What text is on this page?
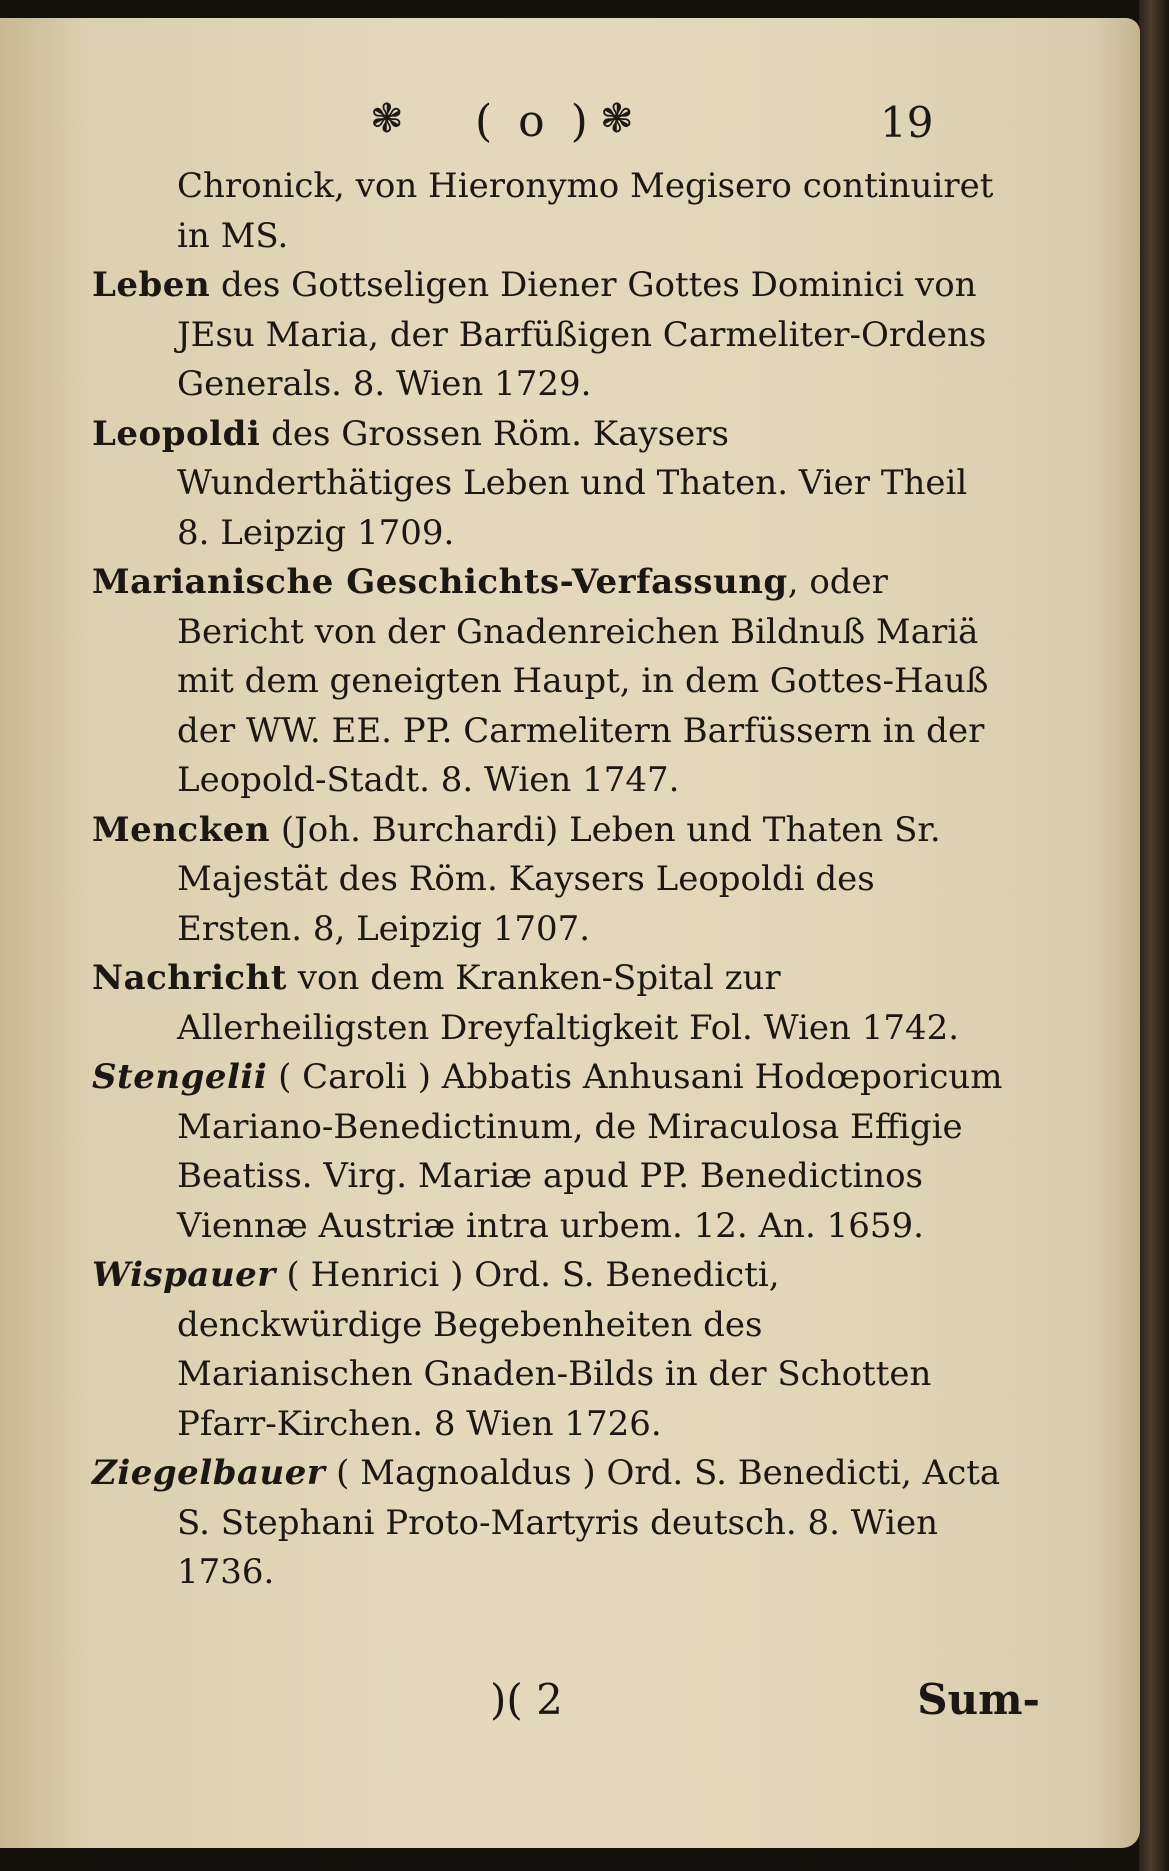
❃ ( o ) ❃	19

Chronick, von Hieronymo Megisero continuiret in MS.

Leben des Gottseligen Diener Gottes Dominici von JEsu Maria, der Barfüßigen Carmeliter-Ordens Generals. 8. Wien 1729.

Leopoldi des Grossen Röm. Kaysers Wunderthätiges Leben und Thaten. Vier Theil 8. Leipzig 1709.

Marianische Geschichts-Verfassung, oder Bericht von der Gnadenreichen Bildnuß Mariä mit dem geneigten Haupt, in dem Gottes-Hauß der WW. EE. PP. Carmelitern Barfüssern in der Leopold-Stadt. 8. Wien 1747.

Mencken (Joh. Burchardi) Leben und Thaten Sr. Majestät des Röm. Kaysers Leopoldi des Ersten. 8, Leipzig 1707.

Nachricht von dem Kranken-Spital zur Allerheiligsten Dreyfaltigkeit Fol. Wien 1742.

Stengelii ( Caroli ) Abbatis Anhusani Hodœporicum Mariano-Benedictinum, de Miraculosa Effigie Beatiss. Virg. Mariæ apud PP. Benedictinos Viennæ Austriæ intra urbem. 12. An. 1659.

Wispauer ( Henrici ) Ord. S. Benedicti, denckwürdige Begebenheiten des Marianischen Gnaden-Bilds in der Schotten Pfarr-Kirchen. 8 Wien 1726.

Ziegelbauer ( Magnoaldus ) Ord. S. Benedicti, Acta S. Stephani Proto-Martyris deutsch. 8. Wien 1736.

)( 2	Sum-
